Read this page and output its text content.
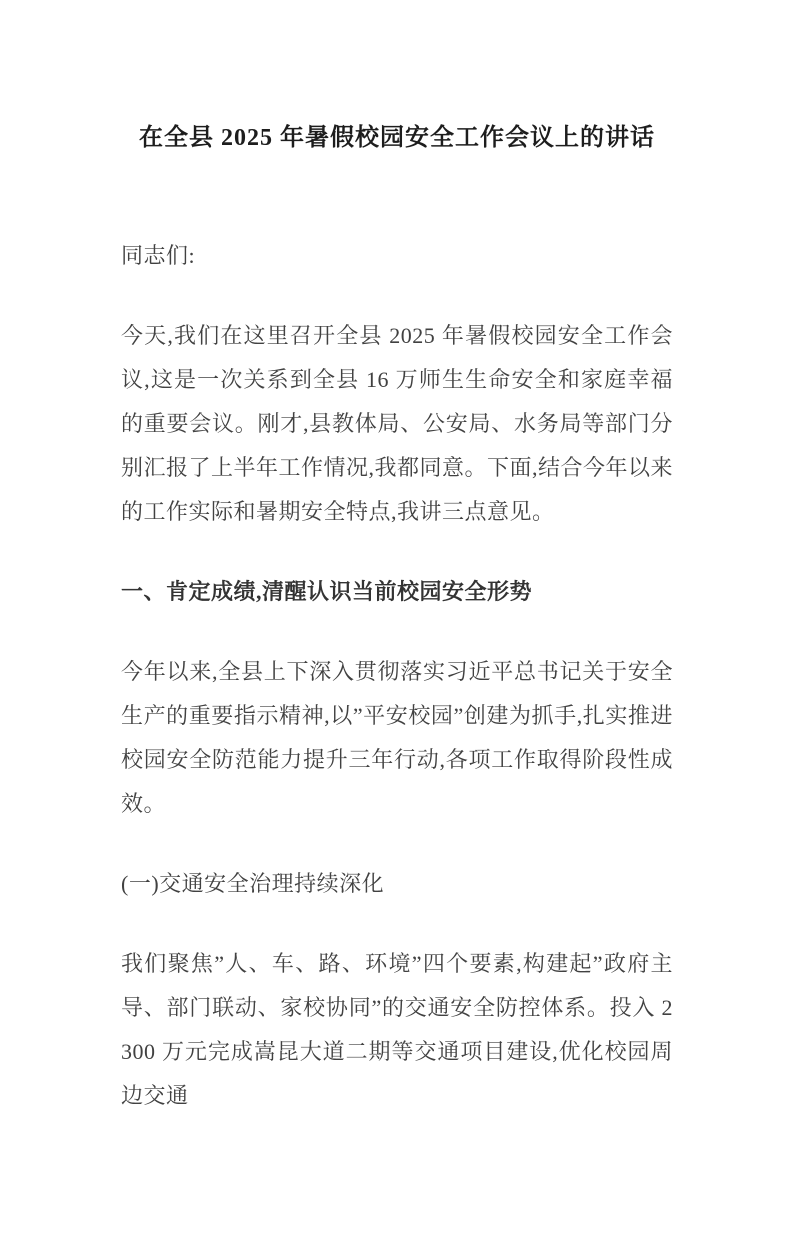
在全县 2025 年暑假校园安全工作会议上的讲话

同志们:

今天,我们在这里召开全县 2025 年暑假校园安全工作会议,这是一次关系到全县 16 万师生生命安全和家庭幸福的重要会议。刚才,县教体局、公安局、水务局等部门分别汇报了上半年工作情况,我都同意。下面,结合今年以来的工作实际和暑期安全特点,我讲三点意见。

一、肯定成绩,清醒认识当前校园安全形势

今年以来,全县上下深入贯彻落实习近平总书记关于安全生产的重要指示精神,以”平安校园”创建为抓手,扎实推进校园安全防范能力提升三年行动,各项工作取得阶段性成效。

(一)交通安全治理持续深化

我们聚焦”人、车、路、环境”四个要素,构建起”政府主导、部门联动、家校协同”的交通安全防控体系。投入 2300 万元完成嵩昆大道二期等交通项目建设,优化校园周边交通
